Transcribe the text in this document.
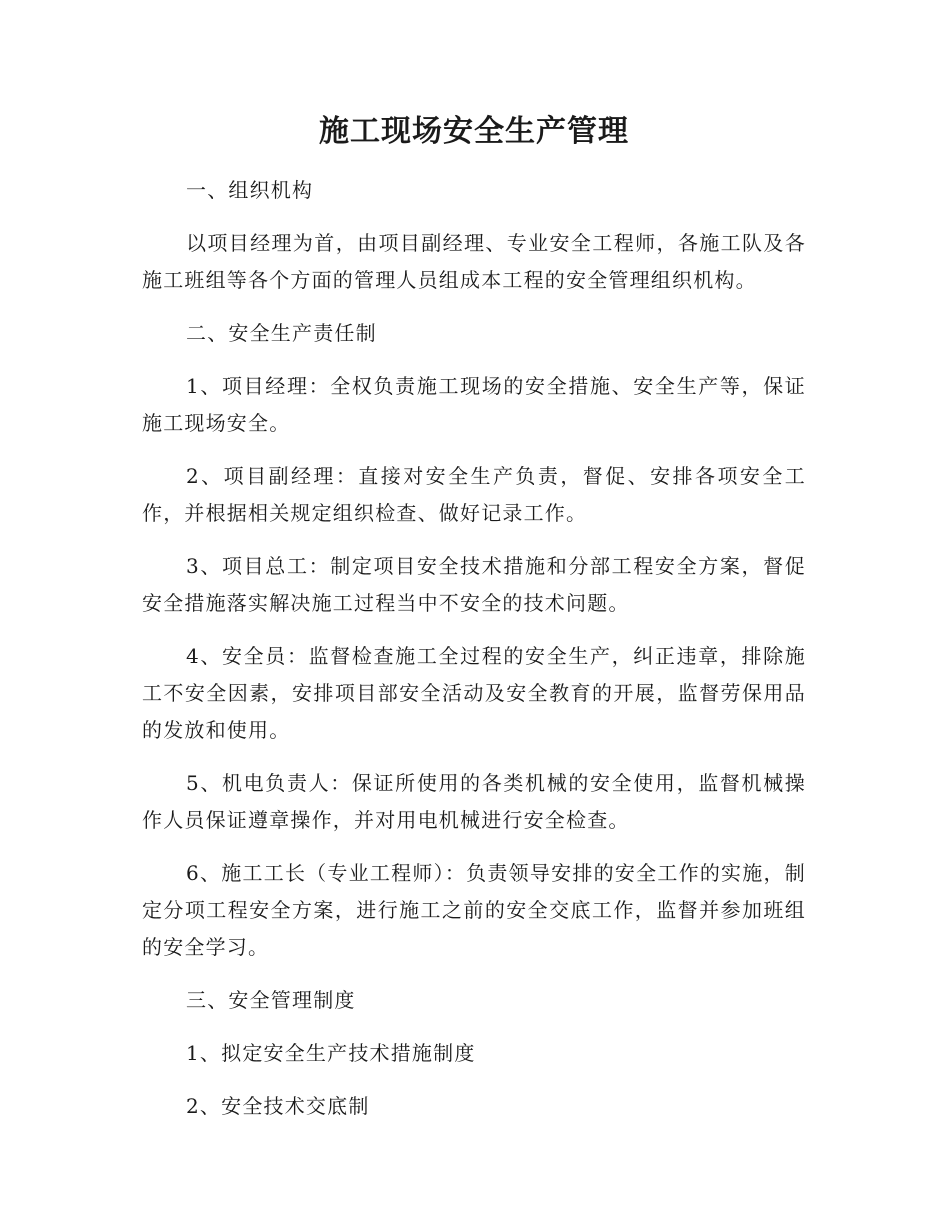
施工现场安全生产管理

一、组织机构

以项目经理为首，由项目副经理、专业安全工程师，各施工队及各施工班组等各个方面的管理人员组成本工程的安全管理组织机构。

二、安全生产责任制

1、项目经理：全权负责施工现场的安全措施、安全生产等，保证施工现场安全。

2、项目副经理：直接对安全生产负责，督促、安排各项安全工作，并根据相关规定组织检查、做好记录工作。

3、项目总工：制定项目安全技术措施和分部工程安全方案，督促安全措施落实解决施工过程当中不安全的技术问题。

4、安全员：监督检查施工全过程的安全生产，纠正违章，排除施工不安全因素，安排项目部安全活动及安全教育的开展，监督劳保用品的发放和使用。

5、机电负责人：保证所使用的各类机械的安全使用，监督机械操作人员保证遵章操作，并对用电机械进行安全检查。

6、施工工长（专业工程师）：负责领导安排的安全工作的实施，制定分项工程安全方案，进行施工之前的安全交底工作，监督并参加班组的安全学习。

三、安全管理制度

1、拟定安全生产技术措施制度

2、安全技术交底制
